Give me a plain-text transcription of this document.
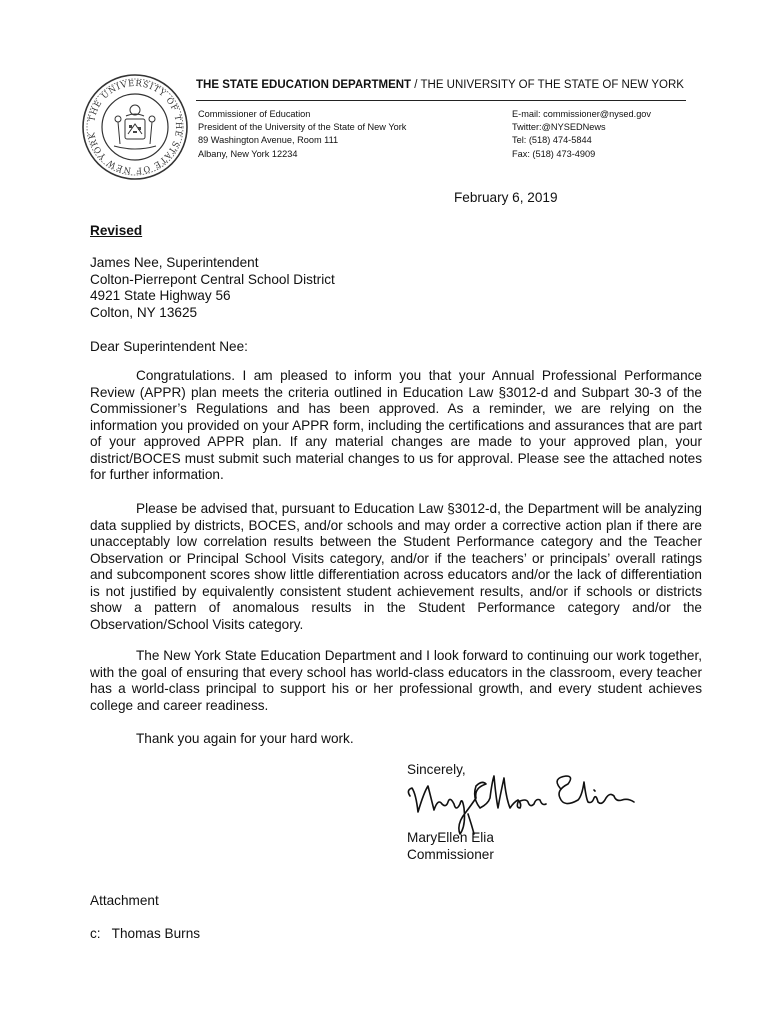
THE UNIVERSITY OF THE STATE OF NEW YORK
THE STATE EDUCATION DEPARTMENT / THE UNIVERSITY OF THE STATE OF NEW YORK
Commissioner of Education
President of the University of the State of New York
89 Washington Avenue, Room 111
Albany, New York 12234
E-mail: commissioner@nysed.gov
Twitter:@NYSEDNews
Tel: (518) 474-5844
Fax: (518) 473-4909
February 6, 2019
Revised
James Nee, Superintendent
Colton-Pierrepont Central School District
4921 State Highway 56
Colton, NY 13625
Dear Superintendent Nee:
Congratulations. I am pleased to inform you that your Annual Professional Performance Review (APPR) plan meets the criteria outlined in Education Law §3012-d and Subpart 30-3 of the Commissioner’s Regulations and has been approved. As a reminder, we are relying on the information you provided on your APPR form, including the certifications and assurances that are part of your approved APPR plan. If any material changes are made to your approved plan, your district/BOCES must submit such material changes to us for approval. Please see the attached notes for further information.
Please be advised that, pursuant to Education Law §3012-d, the Department will be analyzing data supplied by districts, BOCES, and/or schools and may order a corrective action plan if there are unacceptably low correlation results between the Student Performance category and the Teacher Observation or Principal School Visits category, and/or if the teachers’ or principals’ overall ratings and subcomponent scores show little differentiation across educators and/or the lack of differentiation is not justified by equivalently consistent student achievement results, and/or if schools or districts show a pattern of anomalous results in the Student Performance category and/or the Observation/School Visits category.
The New York State Education Department and I look forward to continuing our work together, with the goal of ensuring that every school has world-class educators in the classroom, every teacher has a world-class principal to support his or her professional growth, and every student achieves college and career readiness.
Thank you again for your hard work.
Sincerely,
MaryEllen Elia
Commissioner
Attachment
c:   Thomas Burns
